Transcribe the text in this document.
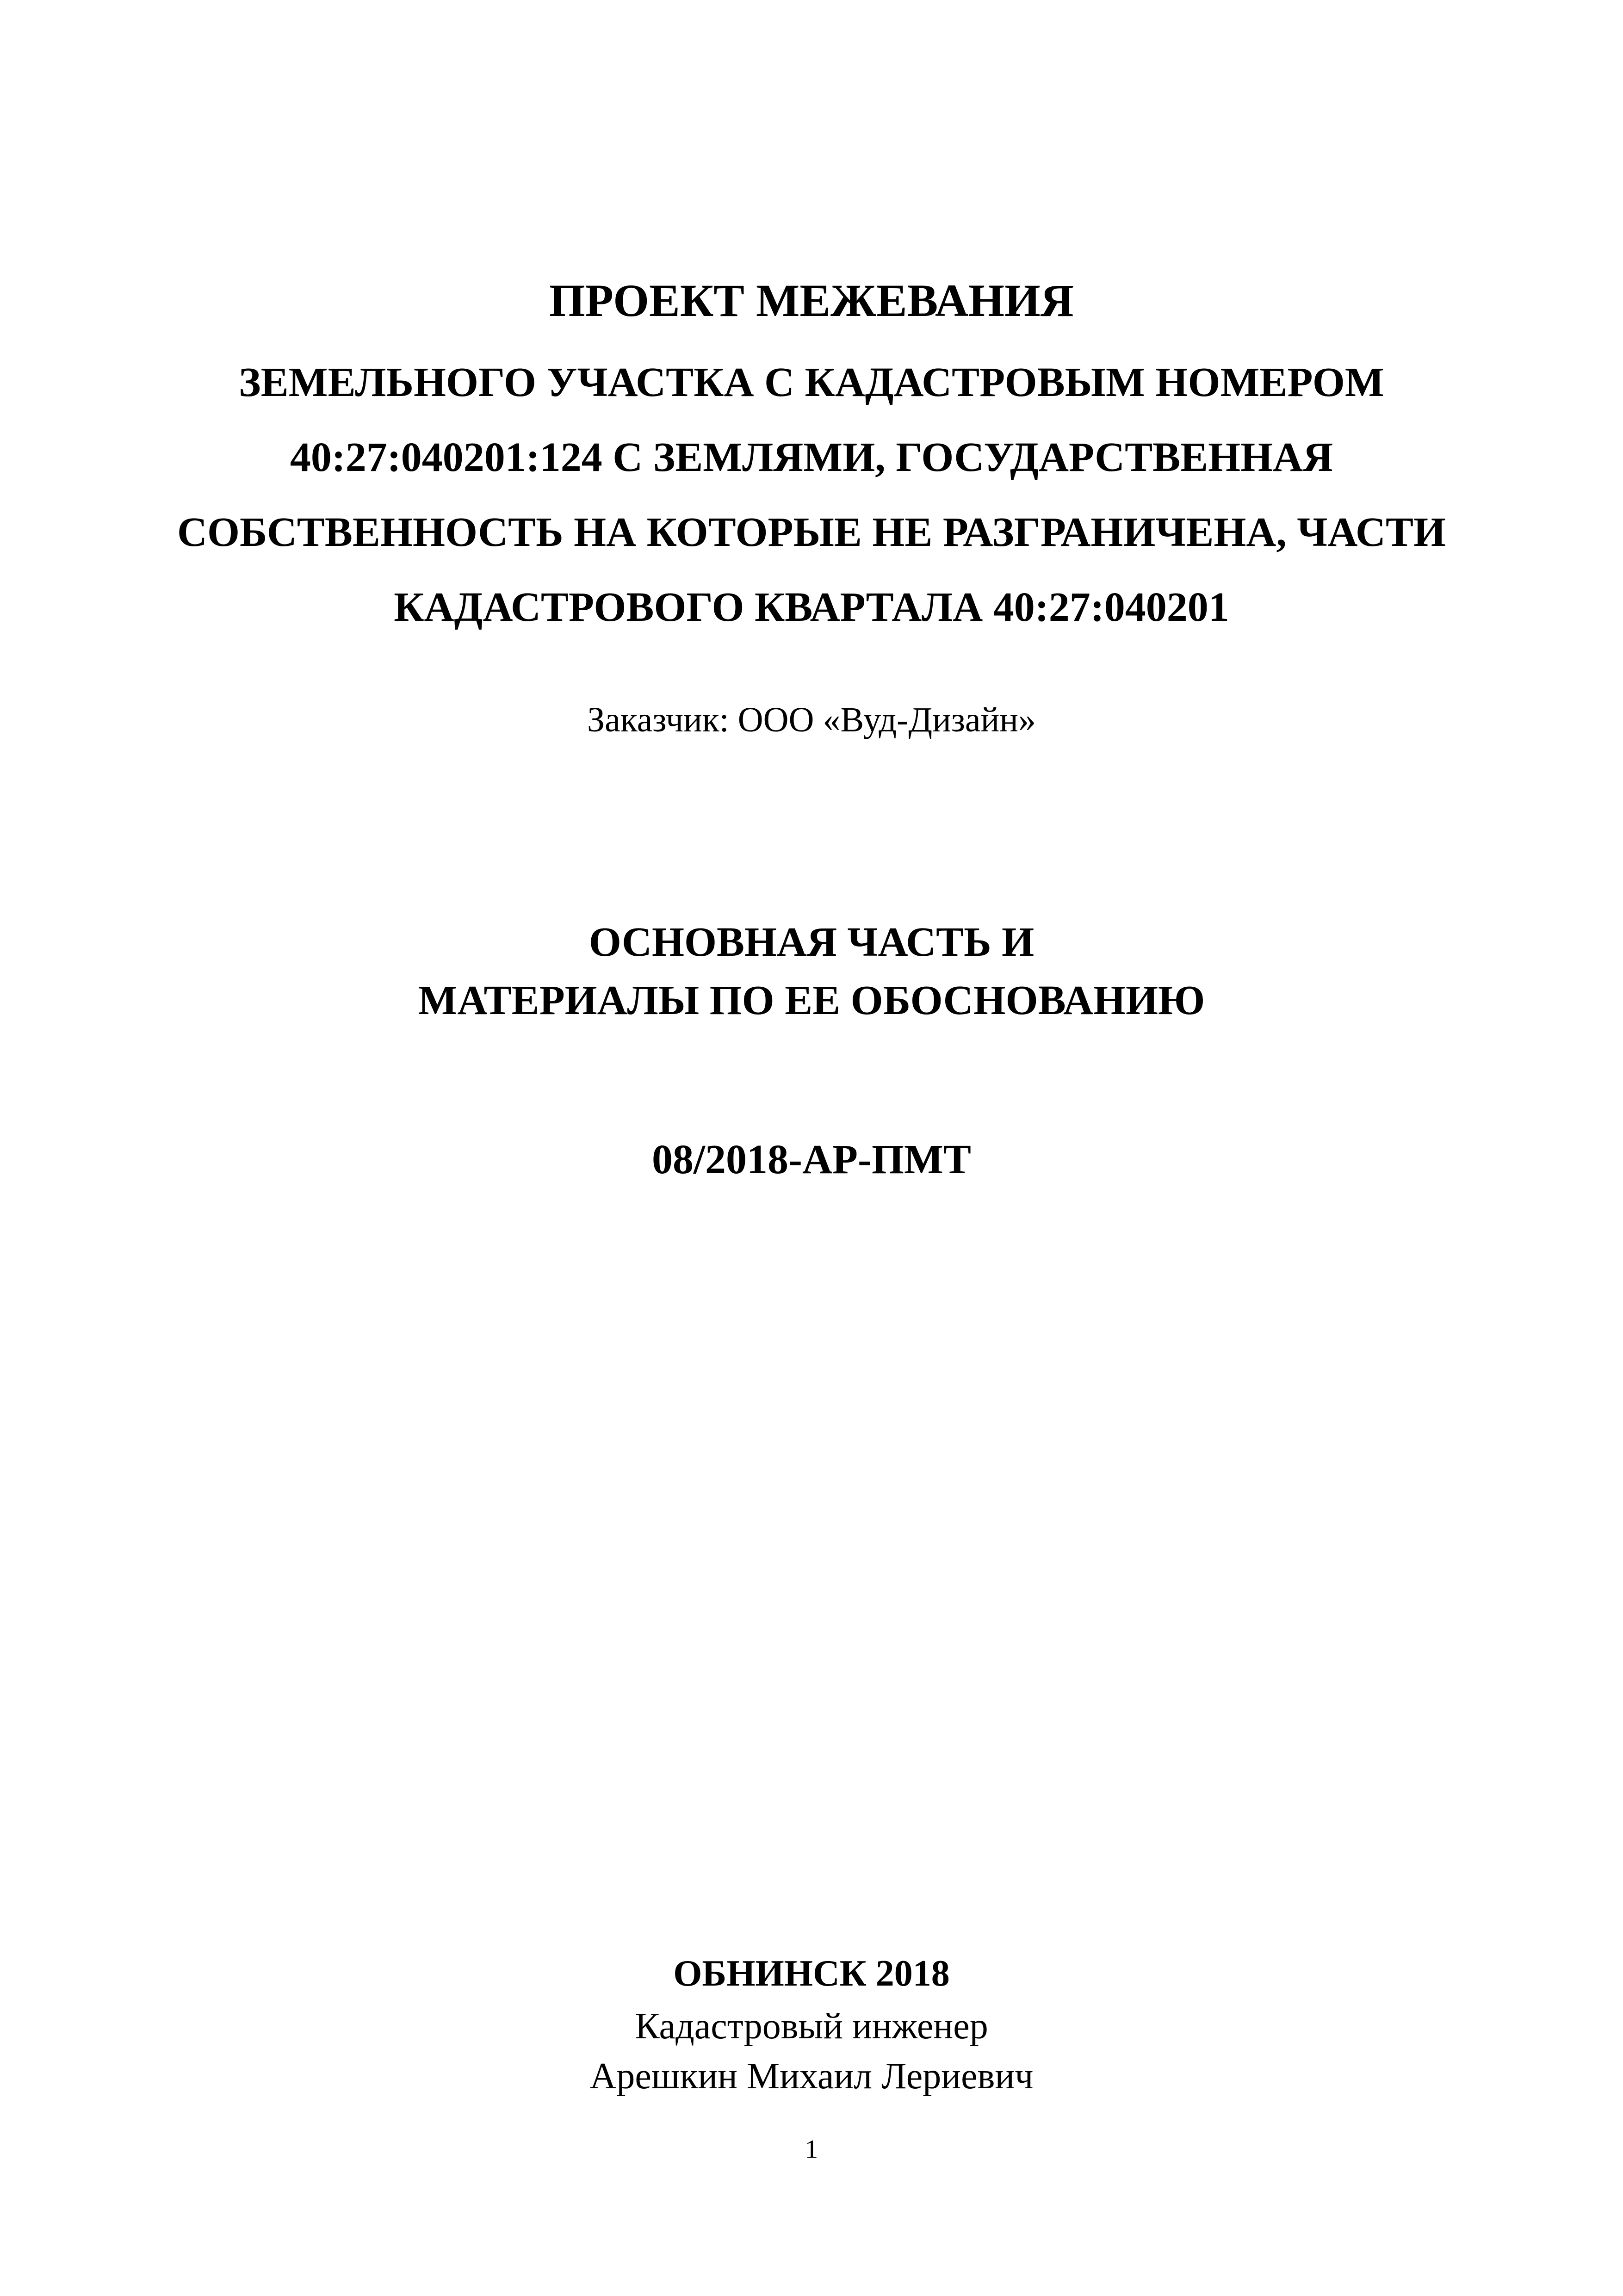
ПРОЕКТ МЕЖЕВАНИЯ
ЗЕМЕЛЬНОГО УЧАСТКА С КАДАСТРОВЫМ НОМЕРОМ
40:27:040201:124 С ЗЕМЛЯМИ, ГОСУДАРСТВЕННАЯ
СОБСТВЕННОСТЬ НА КОТОРЫЕ НЕ РАЗГРАНИЧЕНА, ЧАСТИ
КАДАСТРОВОГО КВАРТАЛА 40:27:040201
Заказчик: ООО «Вуд-Дизайн»
ОСНОВНАЯ ЧАСТЬ И
МАТЕРИАЛЫ ПО ЕЕ ОБОСНОВАНИЮ
08/2018-АР-ПМТ
ОБНИНСК 2018
Кадастровый инженер
Арешкин Михаил Лериевич
1
